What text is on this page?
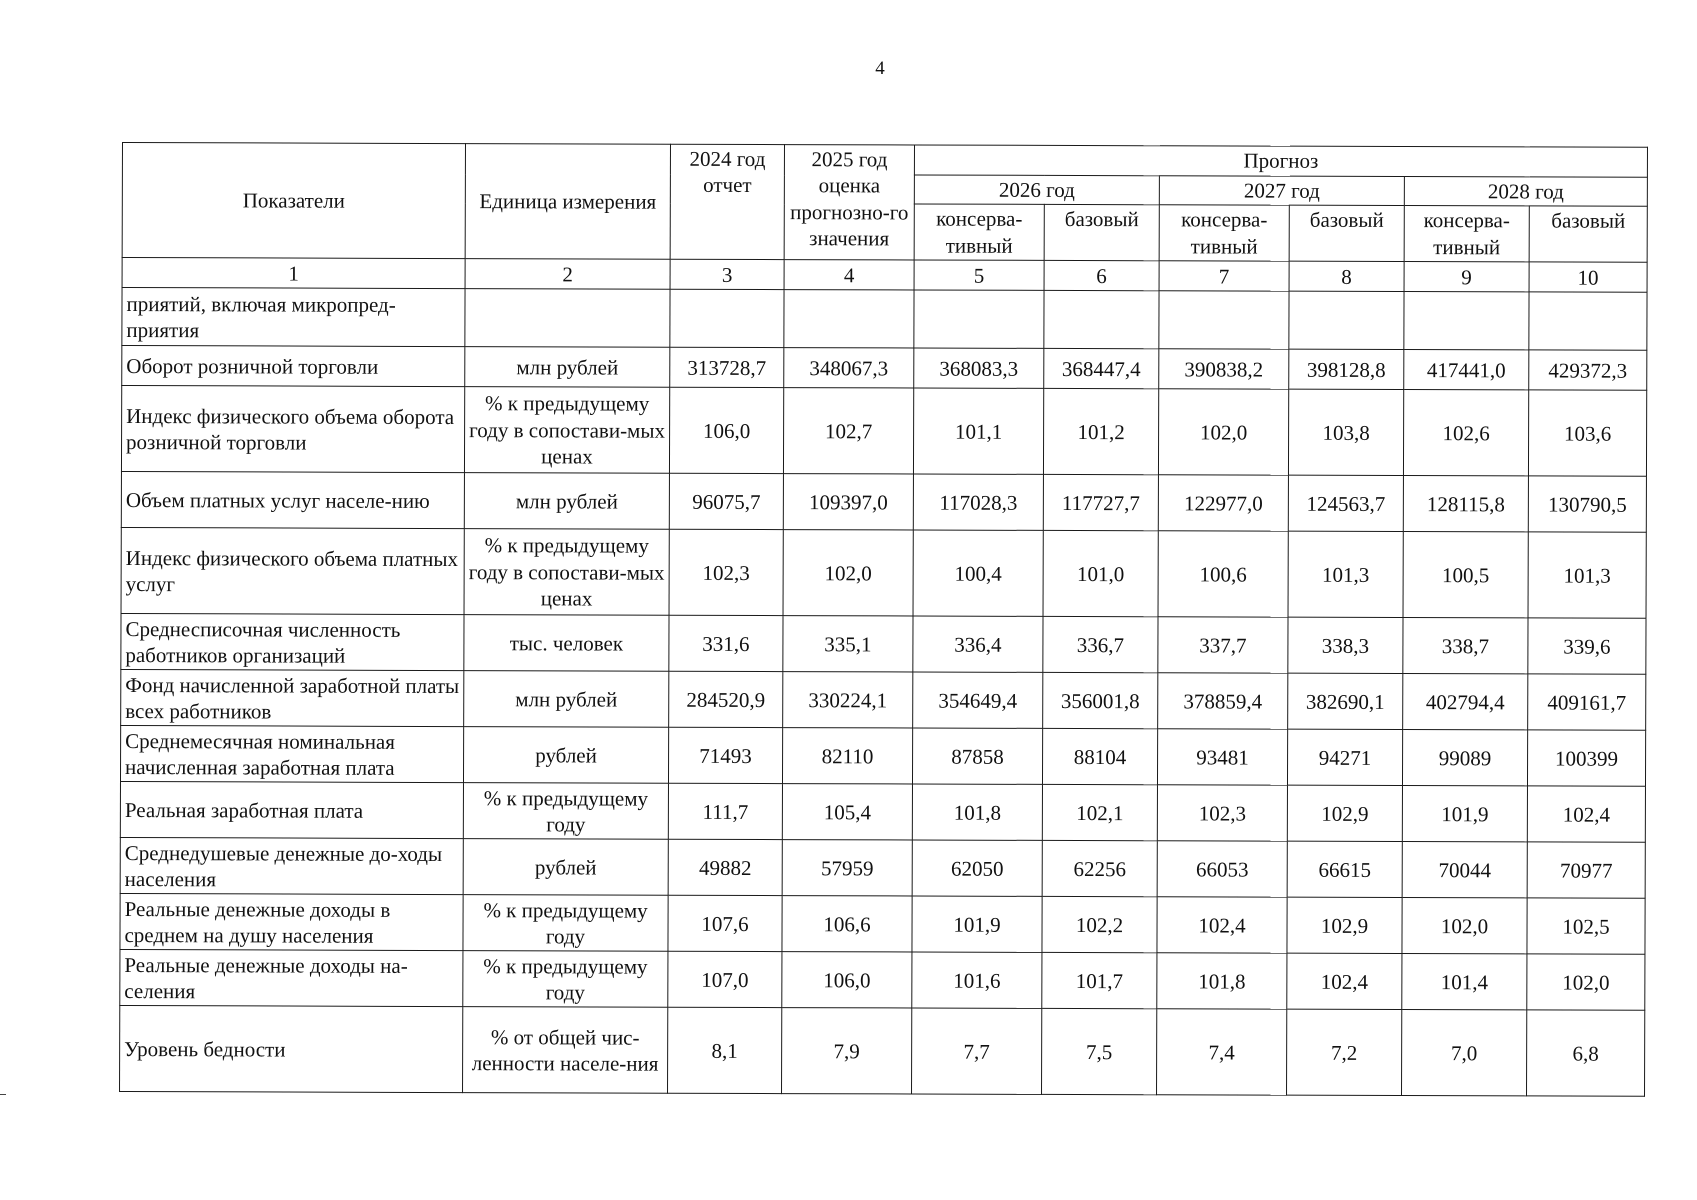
4
Показатели	Единица измерения	2024 год отчет	2025 год оценка прогнозно-го значения	Прогноз					
				2026 год		2027 год		2028 год	
				консерва-тивный	базовый	консерва-тивный	базовый	консерва-тивный	базовый
1	2	3	4	5	6	7	8	9	10
приятий, включая микропред-приятия									
Оборот розничной торговли	млн рублей	313728,7	348067,3	368083,3	368447,4	390838,2	398128,8	417441,0	429372,3
Индекс физического объема оборота розничной торговли	% к предыдущему году в сопостави-мых ценах	106,0	102,7	101,1	101,2	102,0	103,8	102,6	103,6
Объем платных услуг населе-нию	млн рублей	96075,7	109397,0	117028,3	117727,7	122977,0	124563,7	128115,8	130790,5
Индекс физического объема платных услуг	% к предыдущему году в сопостави-мых ценах	102,3	102,0	100,4	101,0	100,6	101,3	100,5	101,3
Среднесписочная численность работников организаций	тыс. человек	331,6	335,1	336,4	336,7	337,7	338,3	338,7	339,6
Фонд начисленной заработной платы всех работников	млн рублей	284520,9	330224,1	354649,4	356001,8	378859,4	382690,1	402794,4	409161,7
Среднемесячная номинальная начисленная заработная плата	рублей	71493	82110	87858	88104	93481	94271	99089	100399
Реальная заработная плата	% к предыдущему году	111,7	105,4	101,8	102,1	102,3	102,9	101,9	102,4
Среднедушевые денежные до-ходы населения	рублей	49882	57959	62050	62256	66053	66615	70044	70977
Реальные денежные доходы в среднем на душу населения	% к предыдущему году	107,6	106,6	101,9	102,2	102,4	102,9	102,0	102,5
Реальные денежные доходы на-селения	% к предыдущему году	107,0	106,0	101,6	101,7	101,8	102,4	101,4	102,0
Уровень бедности	% от общей чис-ленности населе-ния	8,1	7,9	7,7	7,5	7,4	7,2	7,0	6,8
